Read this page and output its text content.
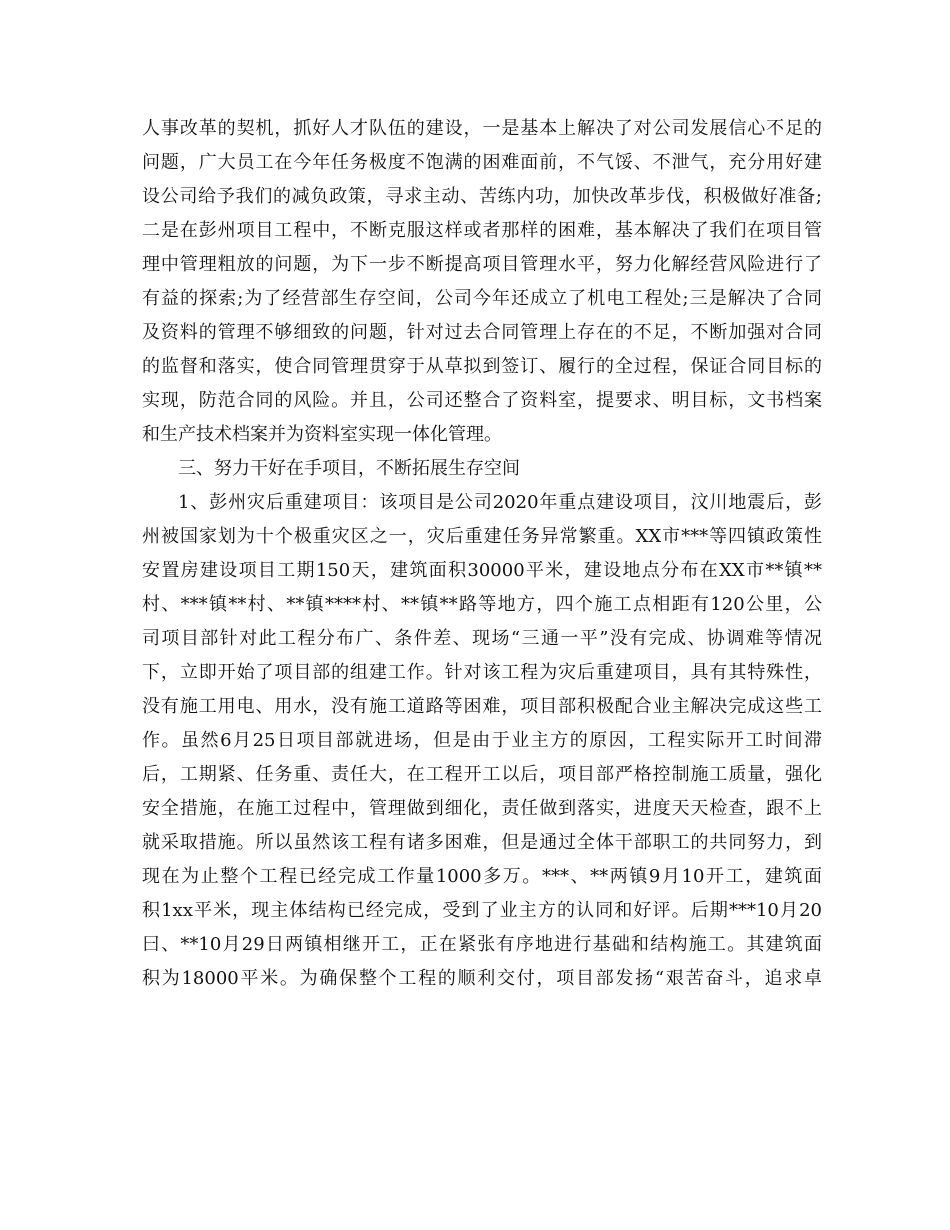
人事改革的契机，抓好人才队伍的建设，一是基本上解决了对公司发展信心不足的
问题，广大员工在今年任务极度不饱满的困难面前，不气馁、不泄气，充分用好建
设公司给予我们的减负政策，寻求主动、苦练内功，加快改革步伐，积极做好准备;
二是在彭州项目工程中，不断克服这样或者那样的困难，基本解决了我们在项目管
理中管理粗放的问题，为下一步不断提高项目管理水平，努力化解经营风险进行了
有益的探索;为了经营部生存空间，公司今年还成立了机电工程处;三是解决了合同
及资料的管理不够细致的问题，针对过去合同管理上存在的不足，不断加强对合同
的监督和落实，使合同管理贯穿于从草拟到签订、履行的全过程，保证合同目标的
实现，防范合同的风险。并且，公司还整合了资料室，提要求、明目标，文书档案
和生产技术档案并为资料室实现一体化管理。
三、努力干好在手项目，不断拓展生存空间
1、彭州灾后重建项目：该项目是公司2020年重点建设项目，汶川地震后，彭
州被国家划为十个极重灾区之一，灾后重建任务异常繁重。XX市***等四镇政策性
安置房建设项目工期150天，建筑面积30000平米，建设地点分布在XX市**镇**
村、***镇**村、**镇****村、**镇**路等地方，四个施工点相距有120公里，公
司项目部针对此工程分布广、条件差、现场“三通一平”没有完成、协调难等情况
下，立即开始了项目部的组建工作。针对该工程为灾后重建项目，具有其特殊性，
没有施工用电、用水，没有施工道路等困难，项目部积极配合业主解决完成这些工
作。虽然6月25日项目部就进场，但是由于业主方的原因，工程实际开工时间滞
后，工期紧、任务重、责任大，在工程开工以后，项目部严格控制施工质量，强化
安全措施，在施工过程中，管理做到细化，责任做到落实，进度天天检查，跟不上
就采取措施。所以虽然该工程有诸多困难，但是通过全体干部职工的共同努力，到
现在为止整个工程已经完成工作量1000多万。***、**两镇9月10开工，建筑面
积1xx平米，现主体结构已经完成，受到了业主方的认同和好评。后期***10月20
曰、**10月29日两镇相继开工，正在紧张有序地进行基础和结构施工。其建筑面
积为18000平米。为确保整个工程的顺利交付，项目部发扬“艰苦奋斗，追求卓
